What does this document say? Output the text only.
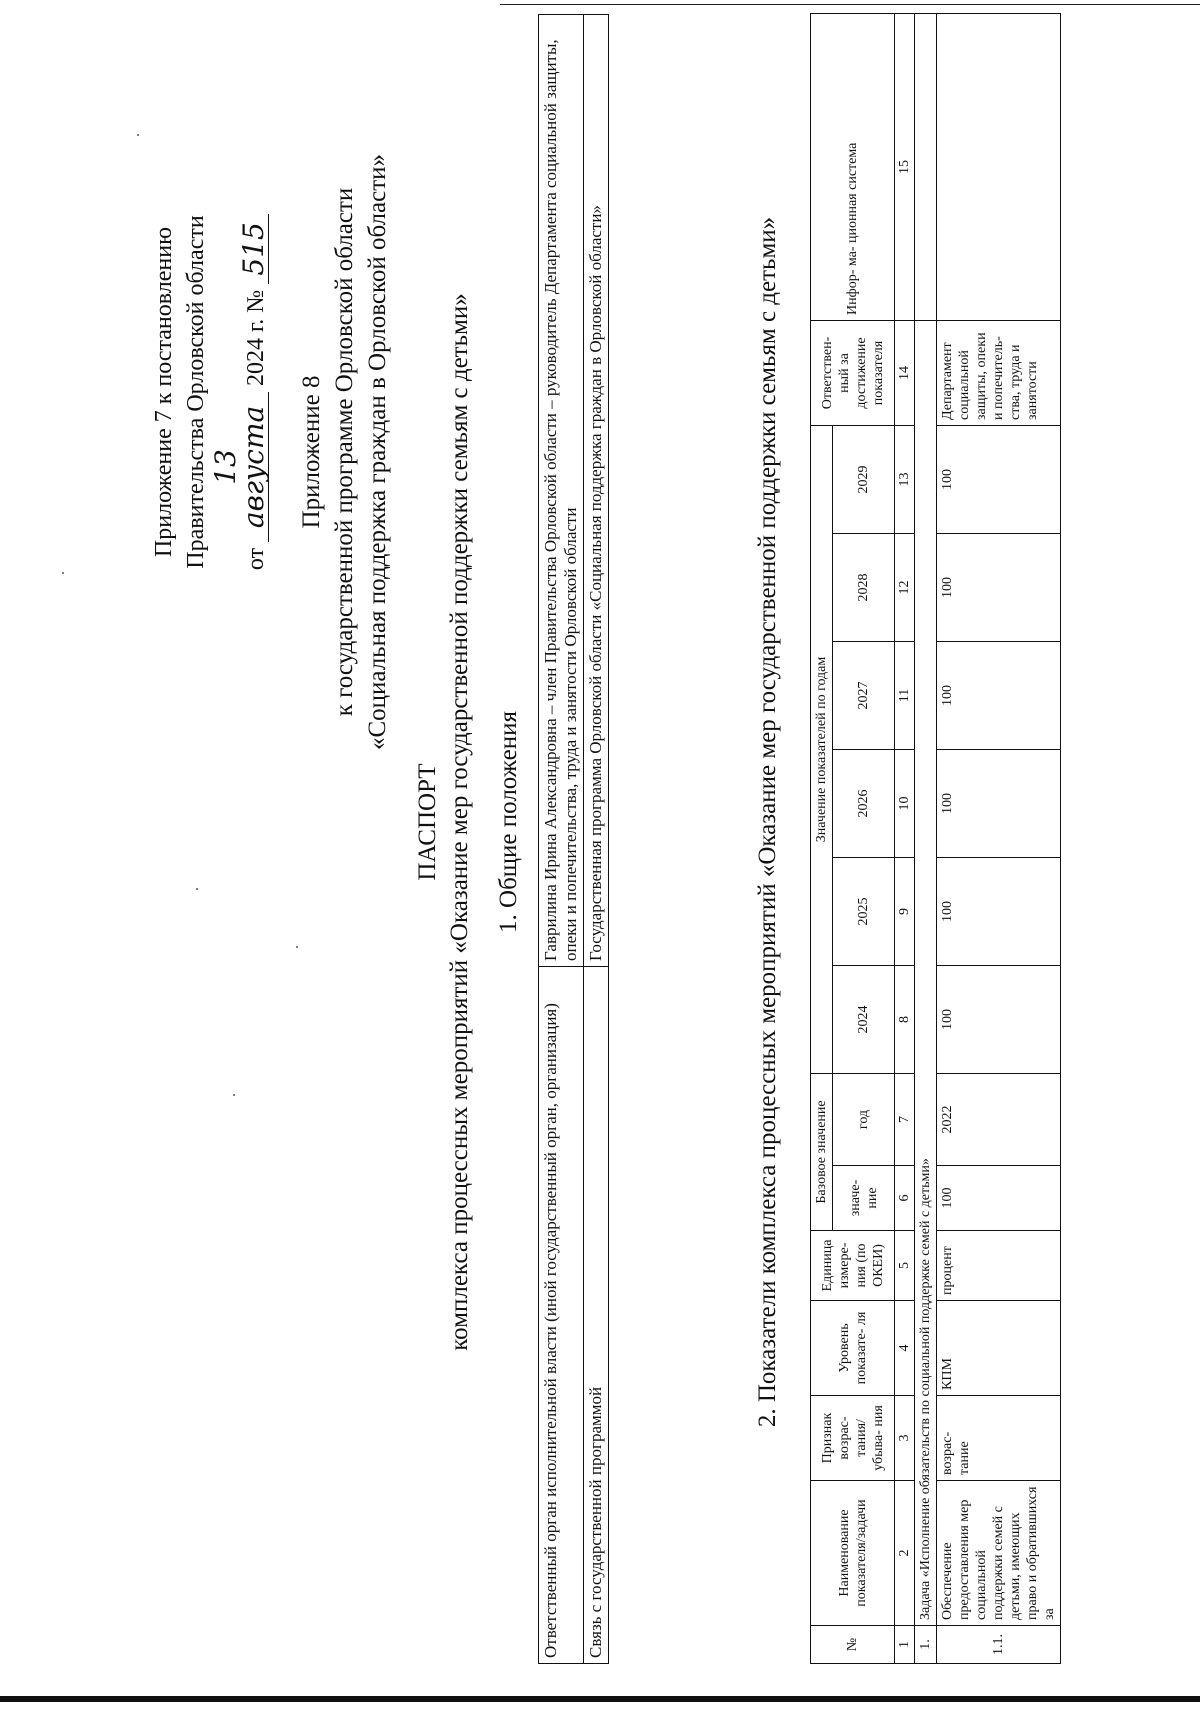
Приложение 7 к постановлению Правительства Орловской области	от 13 августа 2024 г. № 515
Приложение 8 к государственной программе Орловской области «Социальная поддержка граждан в Орловской области»
ПАСПОРТ комплекса процессных мероприятий «Оказание мер государственной поддержки семьям с детьми» 1. Общие положения
Ответственный орган исполнительной власти (иной государственный орган, организация)	Гаврилина Ирина Александровна – член Правительства Орловской области – руководитель Департамента социальной защиты, опеки и попечительства, труда и занятости Орловской области
Связь с государственной программой	Государственная программа Орловской области «Социальная поддержка граждан в Орловской области»	2. Показатели комплекса процессных мероприятий «Оказание мер государственной поддержки семьям с детьми»
№	Наименование показателя/задачи	Признак возрас- тания/ убыва- ния	Уровень показате- ля	Единица измере- ния (по ОКЕИ)	Базовое значение		Значение показателей по годам						Ответствен- ный за достижение показателя	Инфор- ма- ционная система
					значе- ние	год	2024	2025	2026	2027	2028	2029		
1	2	3	4	5	6	7	8	9	10	11	12	13	14	15
1.	Задача «Исполнение обязательств по социальной поддержке семей с детьми»													
1.1.	Обеспечение предоставления мер социальной поддержки семей с детьми, имеющих право и обратившихся за	возрас- тание	КПМ	процент	100	2022	100	100	100	100	100	100	Департамент социальной защиты, опеки и попечитель- ства, труда и занятости	
